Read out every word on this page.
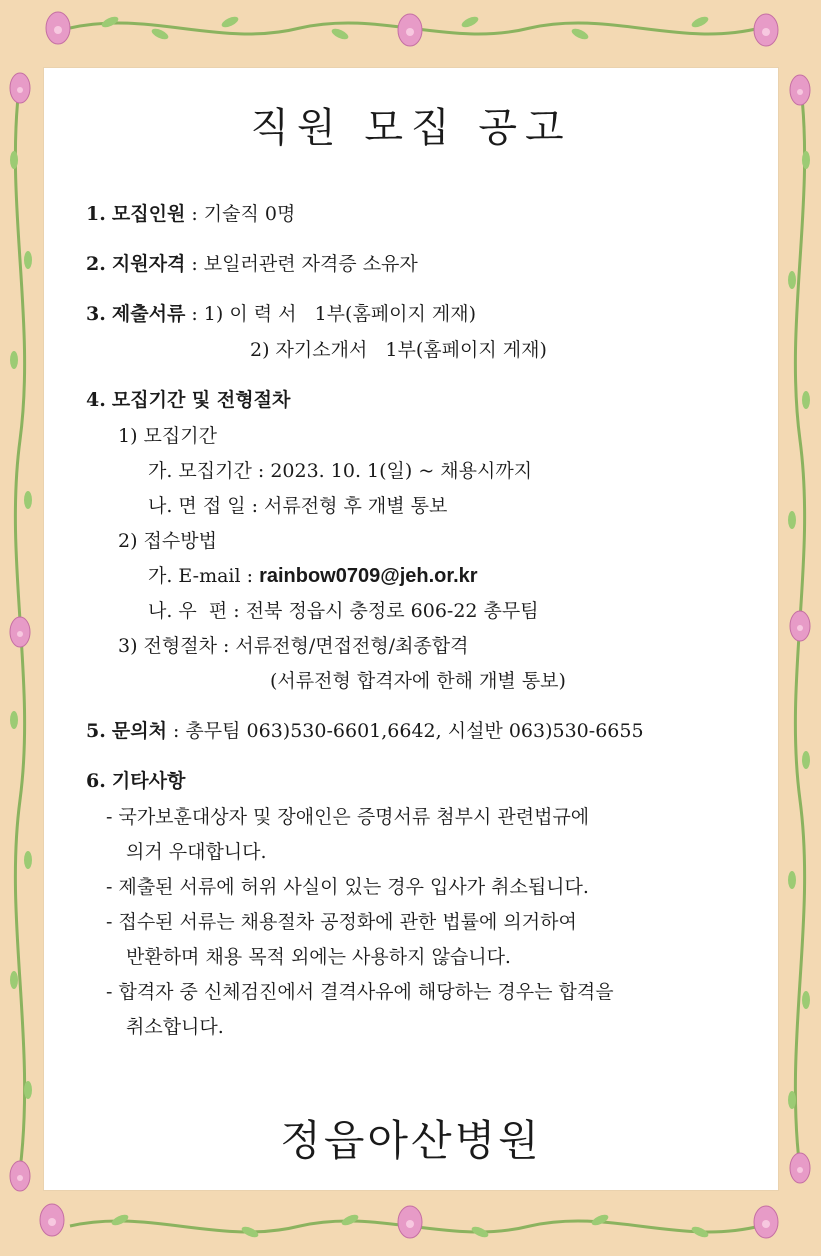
직원 모집 공고
1. 모집인원 : 기술직 0명
2. 지원자격 : 보일러관련 자격증 소유자
3. 제출서류 : 1) 이 력 서   1부(홈페이지 게재)
2) 자기소개서   1부(홈페이지 게재)
4. 모집기간 및 전형절차
1) 모집기간
가. 모집기간 : 2023. 10. 1(일) ~ 채용시까지
나. 면 접 일 : 서류전형 후 개별 통보
2) 접수방법
가. E-mail : rainbow0709@jeh.or.kr
나. 우  편 : 전북 정읍시 충정로 606-22 총무팀
3) 전형절차 : 서류전형/면접전형/최종합격
(서류전형 합격자에 한해 개별 통보)
5. 문의처 : 총무팀 063)530-6601,6642, 시설반 063)530-6655
6. 기타사항
- 국가보훈대상자 및 장애인은 증명서류 첨부시 관련법규에
의거 우대합니다.
- 제출된 서류에 허위 사실이 있는 경우 입사가 취소됩니다.
- 접수된 서류는 채용절차 공정화에 관한 법률에 의거하여
반환하며 채용 목적 외에는 사용하지 않습니다.
- 합격자 중 신체검진에서 결격사유에 해당하는 경우는 합격을
취소합니다.
정읍아산병원
